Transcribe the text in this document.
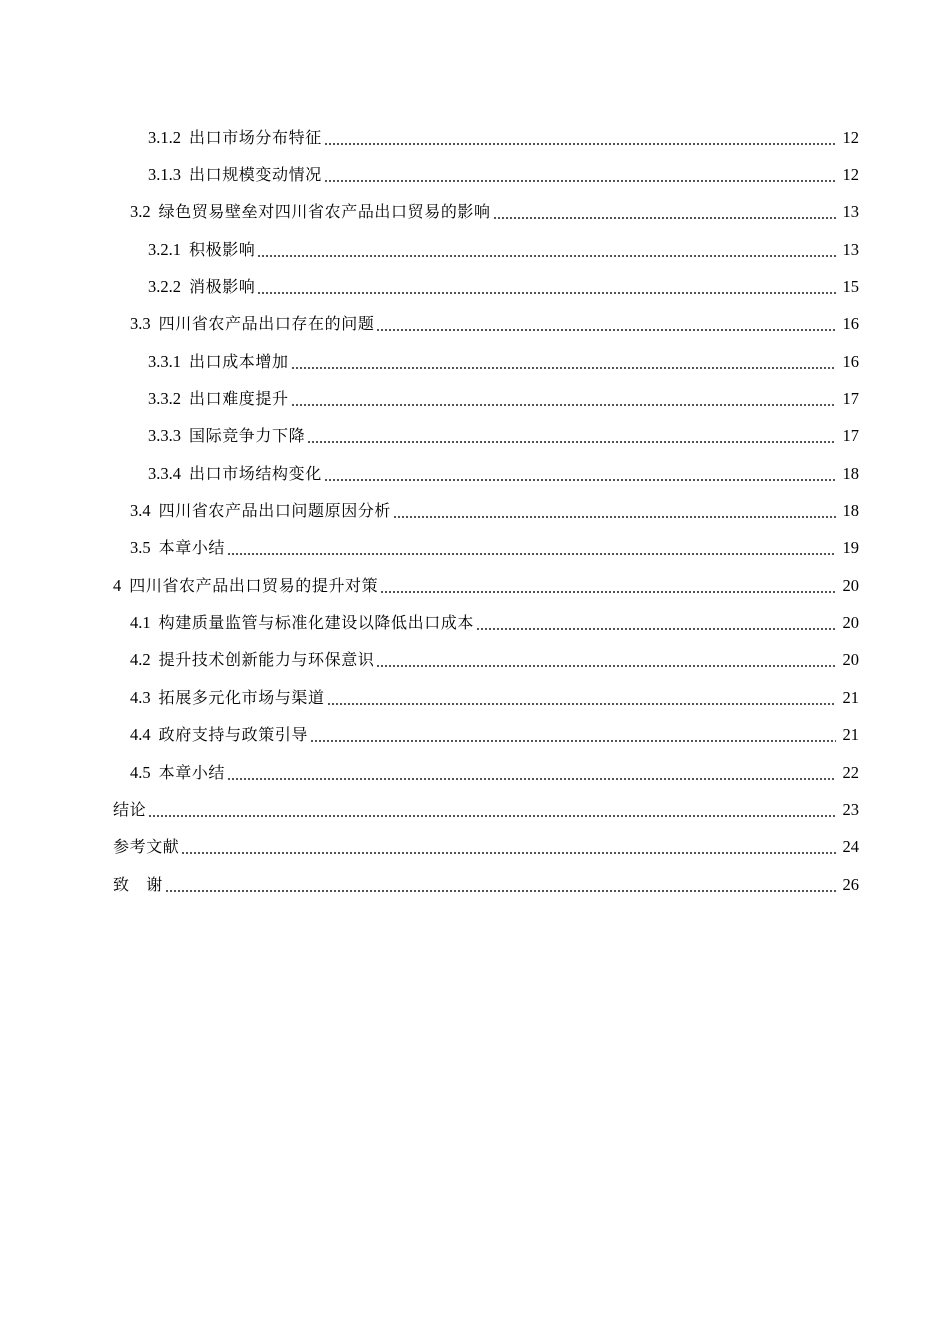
3.1.2 出口市场分布特征	12
3.1.3 出口规模变动情况	12
3.2 绿色贸易壁垒对四川省农产品出口贸易的影响	13
3.2.1 积极影响	13
3.2.2 消极影响	15
3.3 四川省农产品出口存在的问题	16
3.3.1 出口成本增加	16
3.3.2 出口难度提升	17
3.3.3 国际竞争力下降	17
3.3.4 出口市场结构变化	18
3.4 四川省农产品出口问题原因分析	18
3.5 本章小结	19
4 四川省农产品出口贸易的提升对策	20
4.1 构建质量监管与标准化建设以降低出口成本	20
4.2 提升技术创新能力与环保意识	20
4.3 拓展多元化市场与渠道	21
4.4 政府支持与政策引导	21
4.5 本章小结	22
结论	23
参考文献	24
致　谢	26
